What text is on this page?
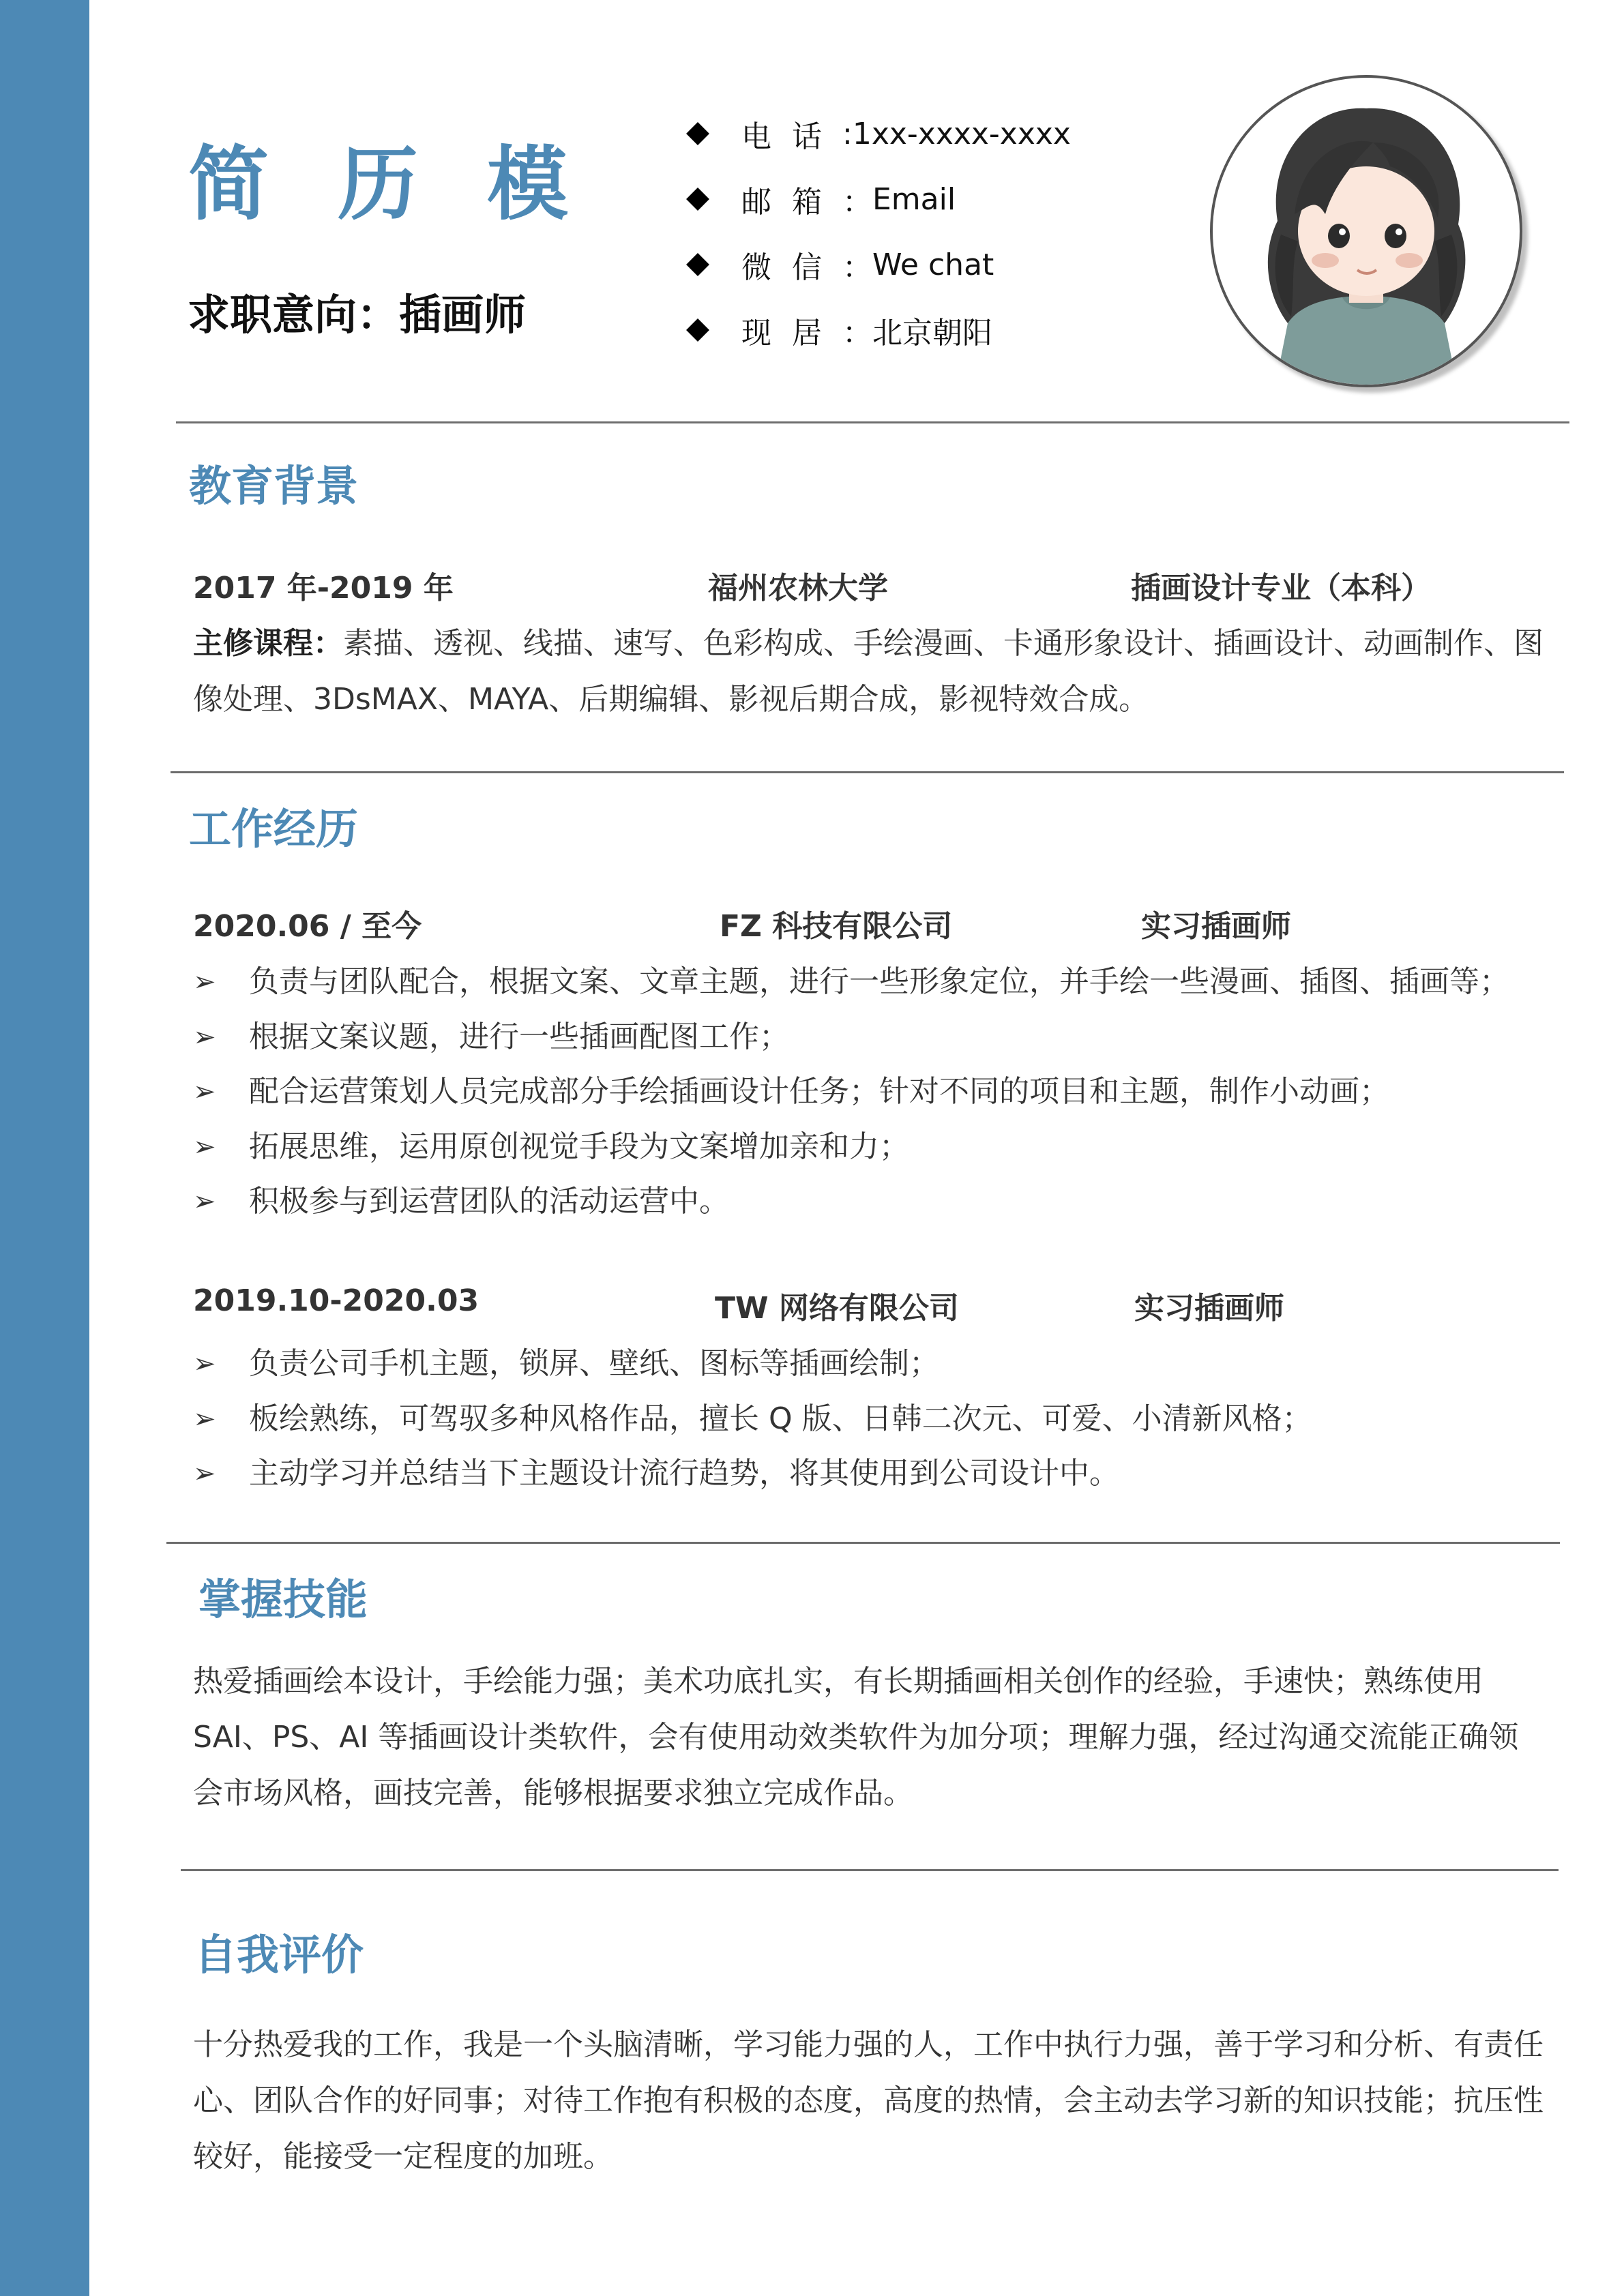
简 历 模
求职意向：插画师
电话 : 1xx-xxxx-xxxx
邮箱 ： Email
微信 ： We chat
现居 ： 北京朝阳
教育背景
2017 年-2019 年	福州农林大学	插画设计专业（本科）
主修课程：素描、透视、线描、速写、色彩构成、手绘漫画、卡通形象设计、插画设计、动画制作、图像处理、3DsMAX、MAYA、后期编辑、影视后期合成，影视特效合成。
工作经历
2020.06 / 至今	FZ 科技有限公司	实习插画师
➢	负责与团队配合，根据文案、文章主题，进行一些形象定位，并手绘一些漫画、插图、插画等；
➢	根据文案议题，进行一些插画配图工作；
➢	配合运营策划人员完成部分手绘插画设计任务；针对不同的项目和主题，制作小动画；
➢	拓展思维，运用原创视觉手段为文案增加亲和力；
➢	积极参与到运营团队的活动运营中。
2019.10-2020.03	TW 网络有限公司	实习插画师
➢	负责公司手机主题，锁屏、壁纸、图标等插画绘制；
➢	板绘熟练，可驾驭多种风格作品，擅长 Q 版、日韩二次元、可爱、小清新风格；
➢	主动学习并总结当下主题设计流行趋势，将其使用到公司设计中。
掌握技能
热爱插画绘本设计，手绘能力强；美术功底扎实，有长期插画相关创作的经验，手速快；熟练使用 SAI、PS、AI 等插画设计类软件，会有使用动效类软件为加分项；理解力强，经过沟通交流能正确领会市场风格，画技完善，能够根据要求独立完成作品。
自我评价
十分热爱我的工作，我是一个头脑清晰，学习能力强的人，工作中执行力强，善于学习和分析、有责任心、团队合作的好同事；对待工作抱有积极的态度，高度的热情，会主动去学习新的知识技能；抗压性较好，能接受一定程度的加班。
